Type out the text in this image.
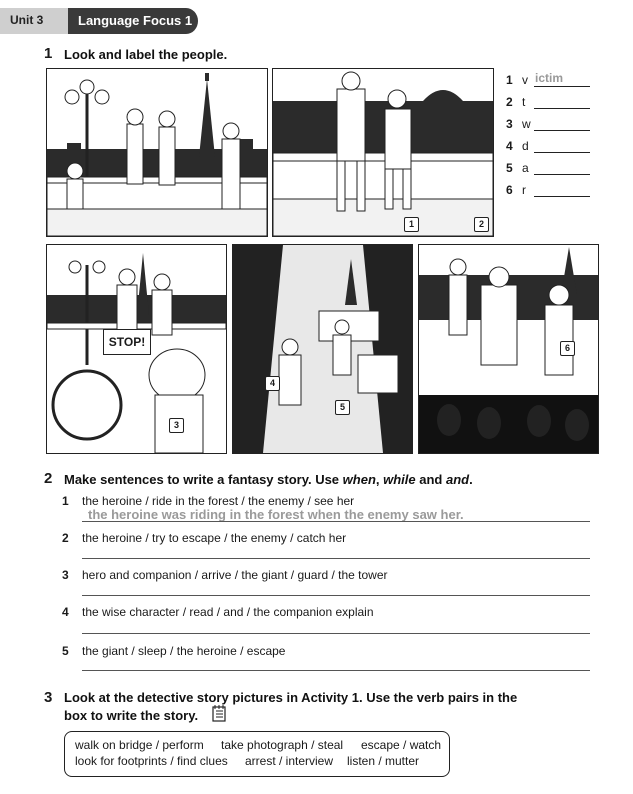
Unit 3	Language Focus 1
1 Look and label the people.
1	2
1 v ictim
2 t
3 w
4 d
5 a
6 r
STOP!
3
4
5
6
2 Make sentences to write a fantasy story. Use when, while and and.
1 the heroine / ride in the forest / the enemy / see her
the heroine was riding in the forest when the enemy saw her.
2 the heroine / try to escape / the enemy / catch her
3 hero and companion / arrive / the giant / guard / the tower
4 the wise character / read / and / the companion explain
5 the giant / sleep / the heroine / escape
3 Look at the detective story pictures in Activity 1. Use the verb pairs in the
box to write the story.
walk on bridge / perform take photograph / steal escape / watch
look for footprints / find clues arrest / interview listen / mutter
